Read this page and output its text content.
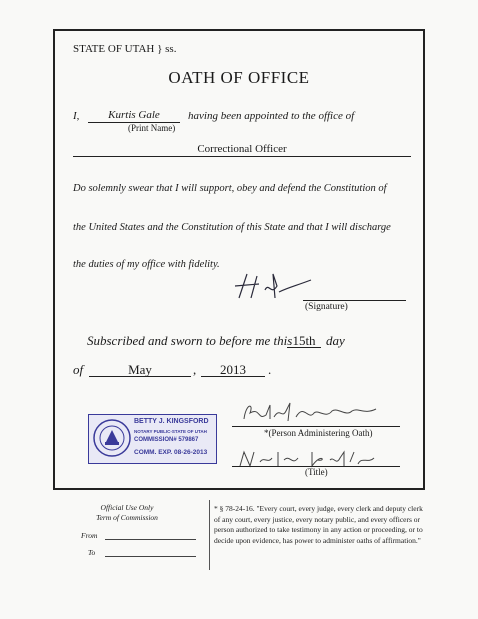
STATE OF UTAH } ss.
OATH OF OFFICE
I,	Kurtis Gale
(Print Name)
having been appointed to the office of
Correctional Officer
Do solemnly swear that I will support, obey and defend the Constitution of
the United States and the Constitution of this State and that I will discharge
the duties of my office with fidelity.
(Signature)
Subscribed and sworn to before me this 15th day
of	May	,	2013	.
BETTY J. KINGSFORD
NOTARY PUBLIC-STATE OF UTAH
COMMISSION# 579867
COMM. EXP. 08-26-2013
*(Person Administering Oath)
(Title)
Official Use Only
Term of Commission
From
To
* § 78-24-16. "Every court, every judge, every clerk and deputy clerk of any court, every justice, every notary public, and every officers or person authorized to take testimony in any action or proceeding, or to decide upon evidence, has power to administer oaths of affirmation."
